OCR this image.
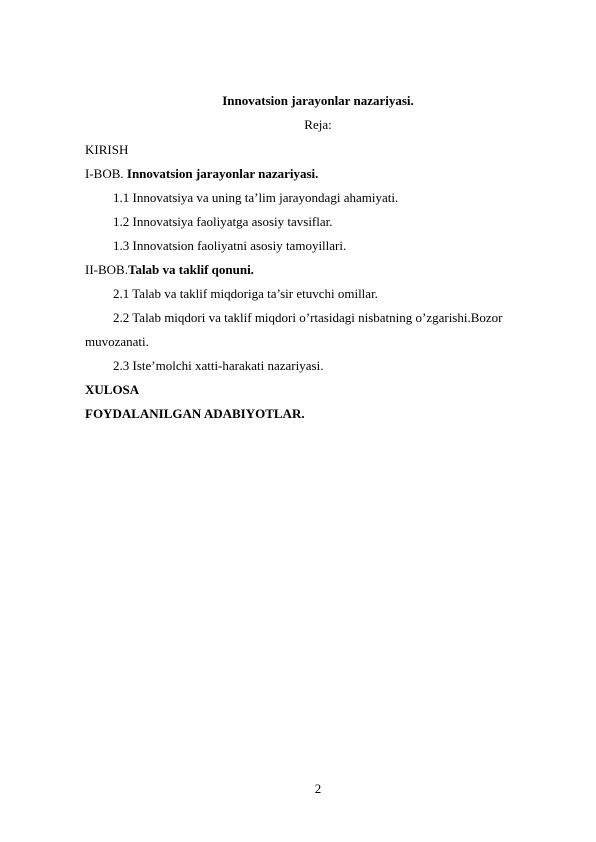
Innovatsion jarayonlar nazariyasi.
Reja:
KIRISH
I-BOB. Innovatsion jarayonlar nazariyasi.
1.1 Innovatsiya va uning ta’lim jarayondagi ahamiyati.
1.2 Innovatsiya faoliyatga asosiy tavsiflar.
1.3 Innovatsion faoliyatni asosiy tamoyillari.
II-BOB.Talab va taklif qonuni.
2.1 Talab va taklif miqdoriga ta’sir etuvchi omillar.
2.2 Talab miqdori va taklif miqdori o’rtasidagi nisbatning o’zgarishi.Bozor muvozanati.
2.3 Iste’molchi xatti-harakati nazariyasi.
XULOSA
FOYDALANILGAN ADABIYOTLAR.
2
